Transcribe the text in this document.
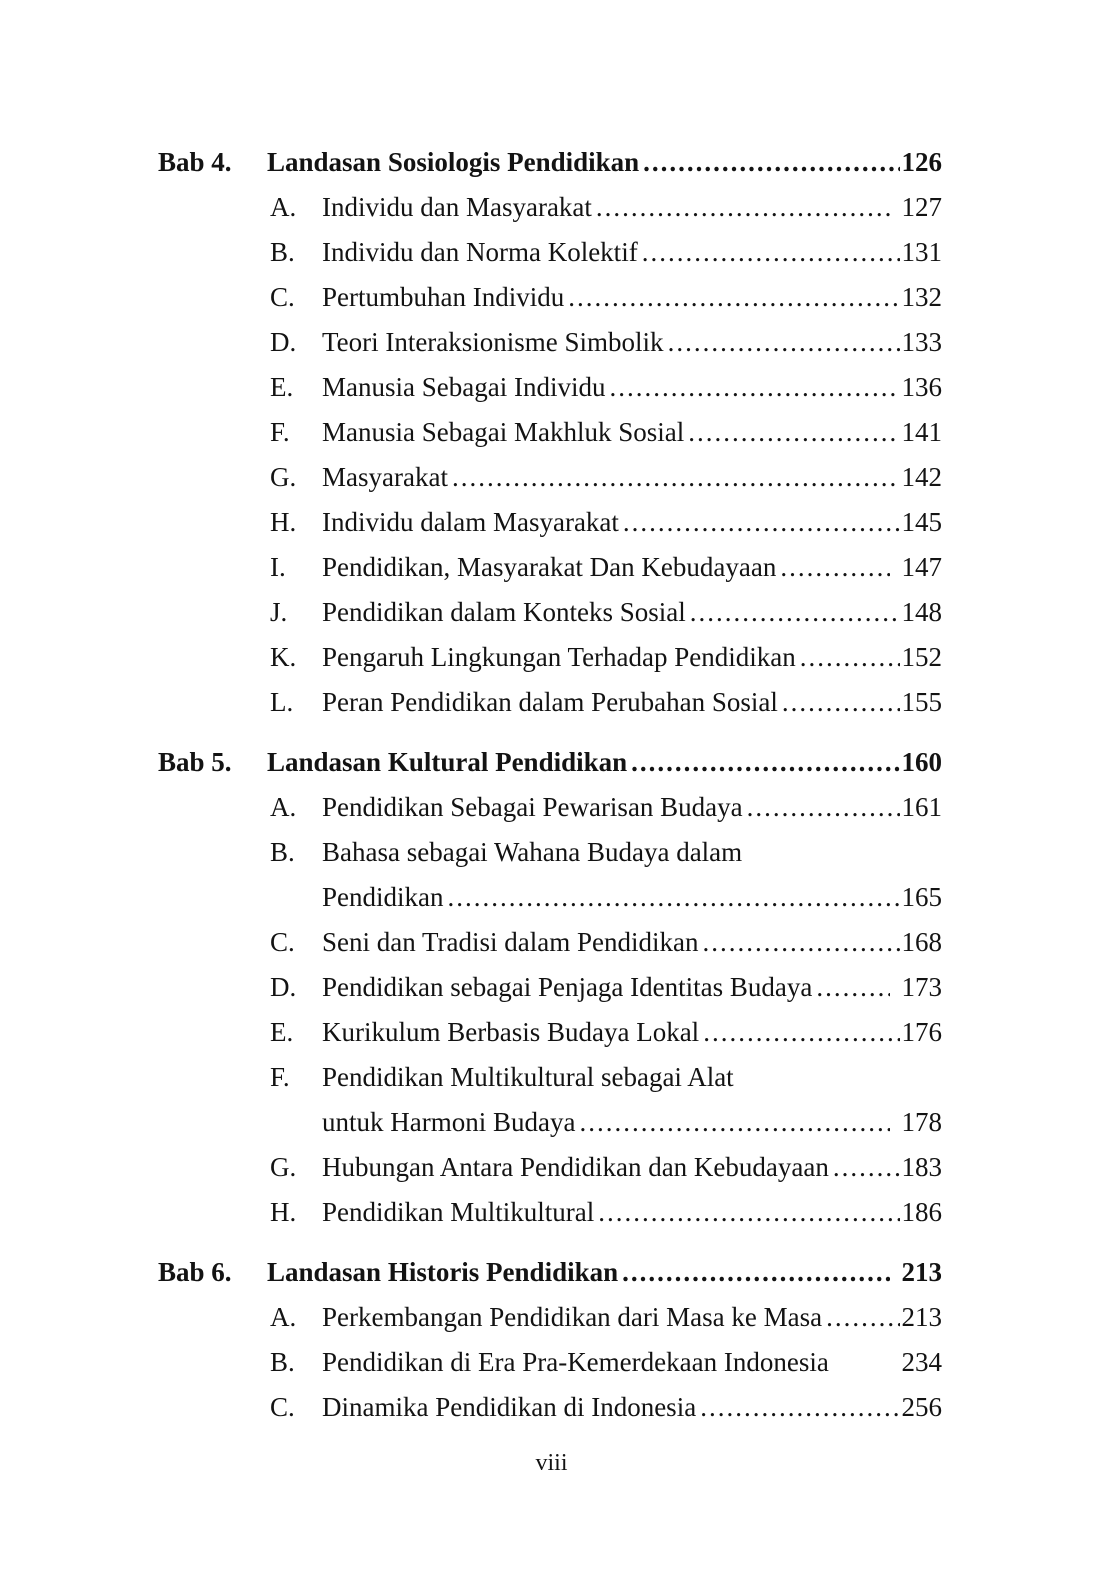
Bab 4.	Landasan Sosiologis Pendidikan .....	126
A. Individu dan Masyarakat .....	127
B.	Individu dan Norma Kolektif .....	131
C.	Pertumbuhan Individu .....	132
D. Teori Interaksionisme Simbolik .....	133
E.	Manusia Sebagai Individu .....	136
F.	Manusia Sebagai Makhluk Sosial .....	141
G. Masyarakat .....	142
H. Individu dalam Masyarakat .....	145
I.	Pendidikan, Masyarakat Dan Kebudayaan .....	147
J.	Pendidikan dalam Konteks Sosial .....	148
K. Pengaruh Lingkungan Terhadap Pendidikan .....	152
L.	Peran Pendidikan dalam Perubahan Sosial .....	155
Bab 5.	Landasan Kultural Pendidikan .....	160
A. Pendidikan Sebagai Pewarisan Budaya .....	161
B.	Bahasa sebagai Wahana Budaya dalam
Pendidikan .....	165
C.	Seni dan Tradisi dalam Pendidikan .....	168
D. Pendidikan sebagai Penjaga Identitas Budaya .....	173
E.	Kurikulum Berbasis Budaya Lokal .....	176
F.	Pendidikan Multikultural sebagai Alat
untuk Harmoni Budaya .....	178
G. Hubungan Antara Pendidikan dan Kebudayaan .....	183
H. Pendidikan Multikultural .....	186
Bab 6.	Landasan Historis Pendidikan .....	213
A. Perkembangan Pendidikan dari Masa ke Masa .....	213
B.	Pendidikan di Era Pra-Kemerdekaan Indonesia	234
C.	Dinamika Pendidikan di Indonesia .....	256
viii
